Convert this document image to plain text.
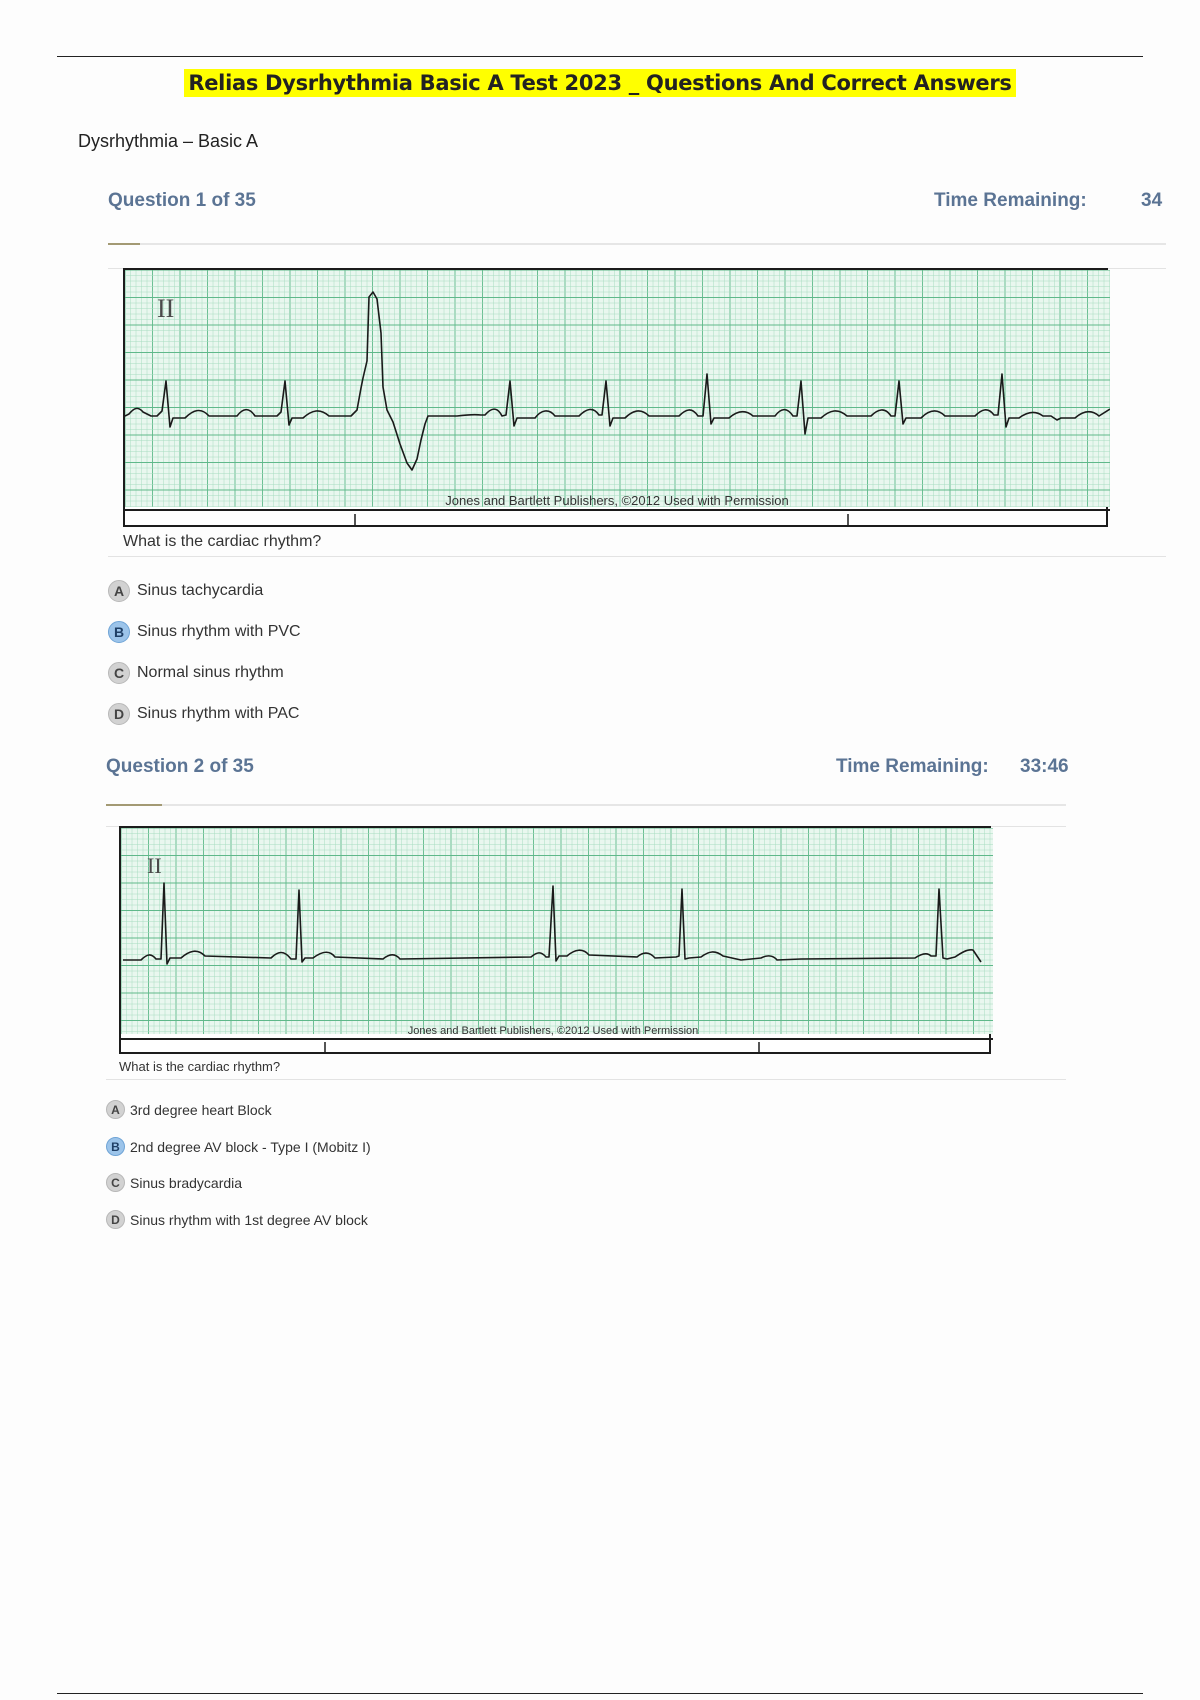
Relias Dysrhythmia Basic A Test 2023 _ Questions And Correct Answers
Dysrhythmia – Basic A
Question 1 of 35	Time Remaining:	34
II
Jones and Bartlett Publishers, ©2012 Used with Permission
What is the cardiac rhythm?
A Sinus tachycardia
B Sinus rhythm with PVC
C Normal sinus rhythm
D Sinus rhythm with PAC
Question 2 of 35	Time Remaining: 33:46
II
Jones and Bartlett Publishers, ©2012 Used with Permission
What is the cardiac rhythm?
A 3rd degree heart Block
B 2nd degree AV block - Type I (Mobitz I)
C Sinus bradycardia
D Sinus rhythm with 1st degree AV block
